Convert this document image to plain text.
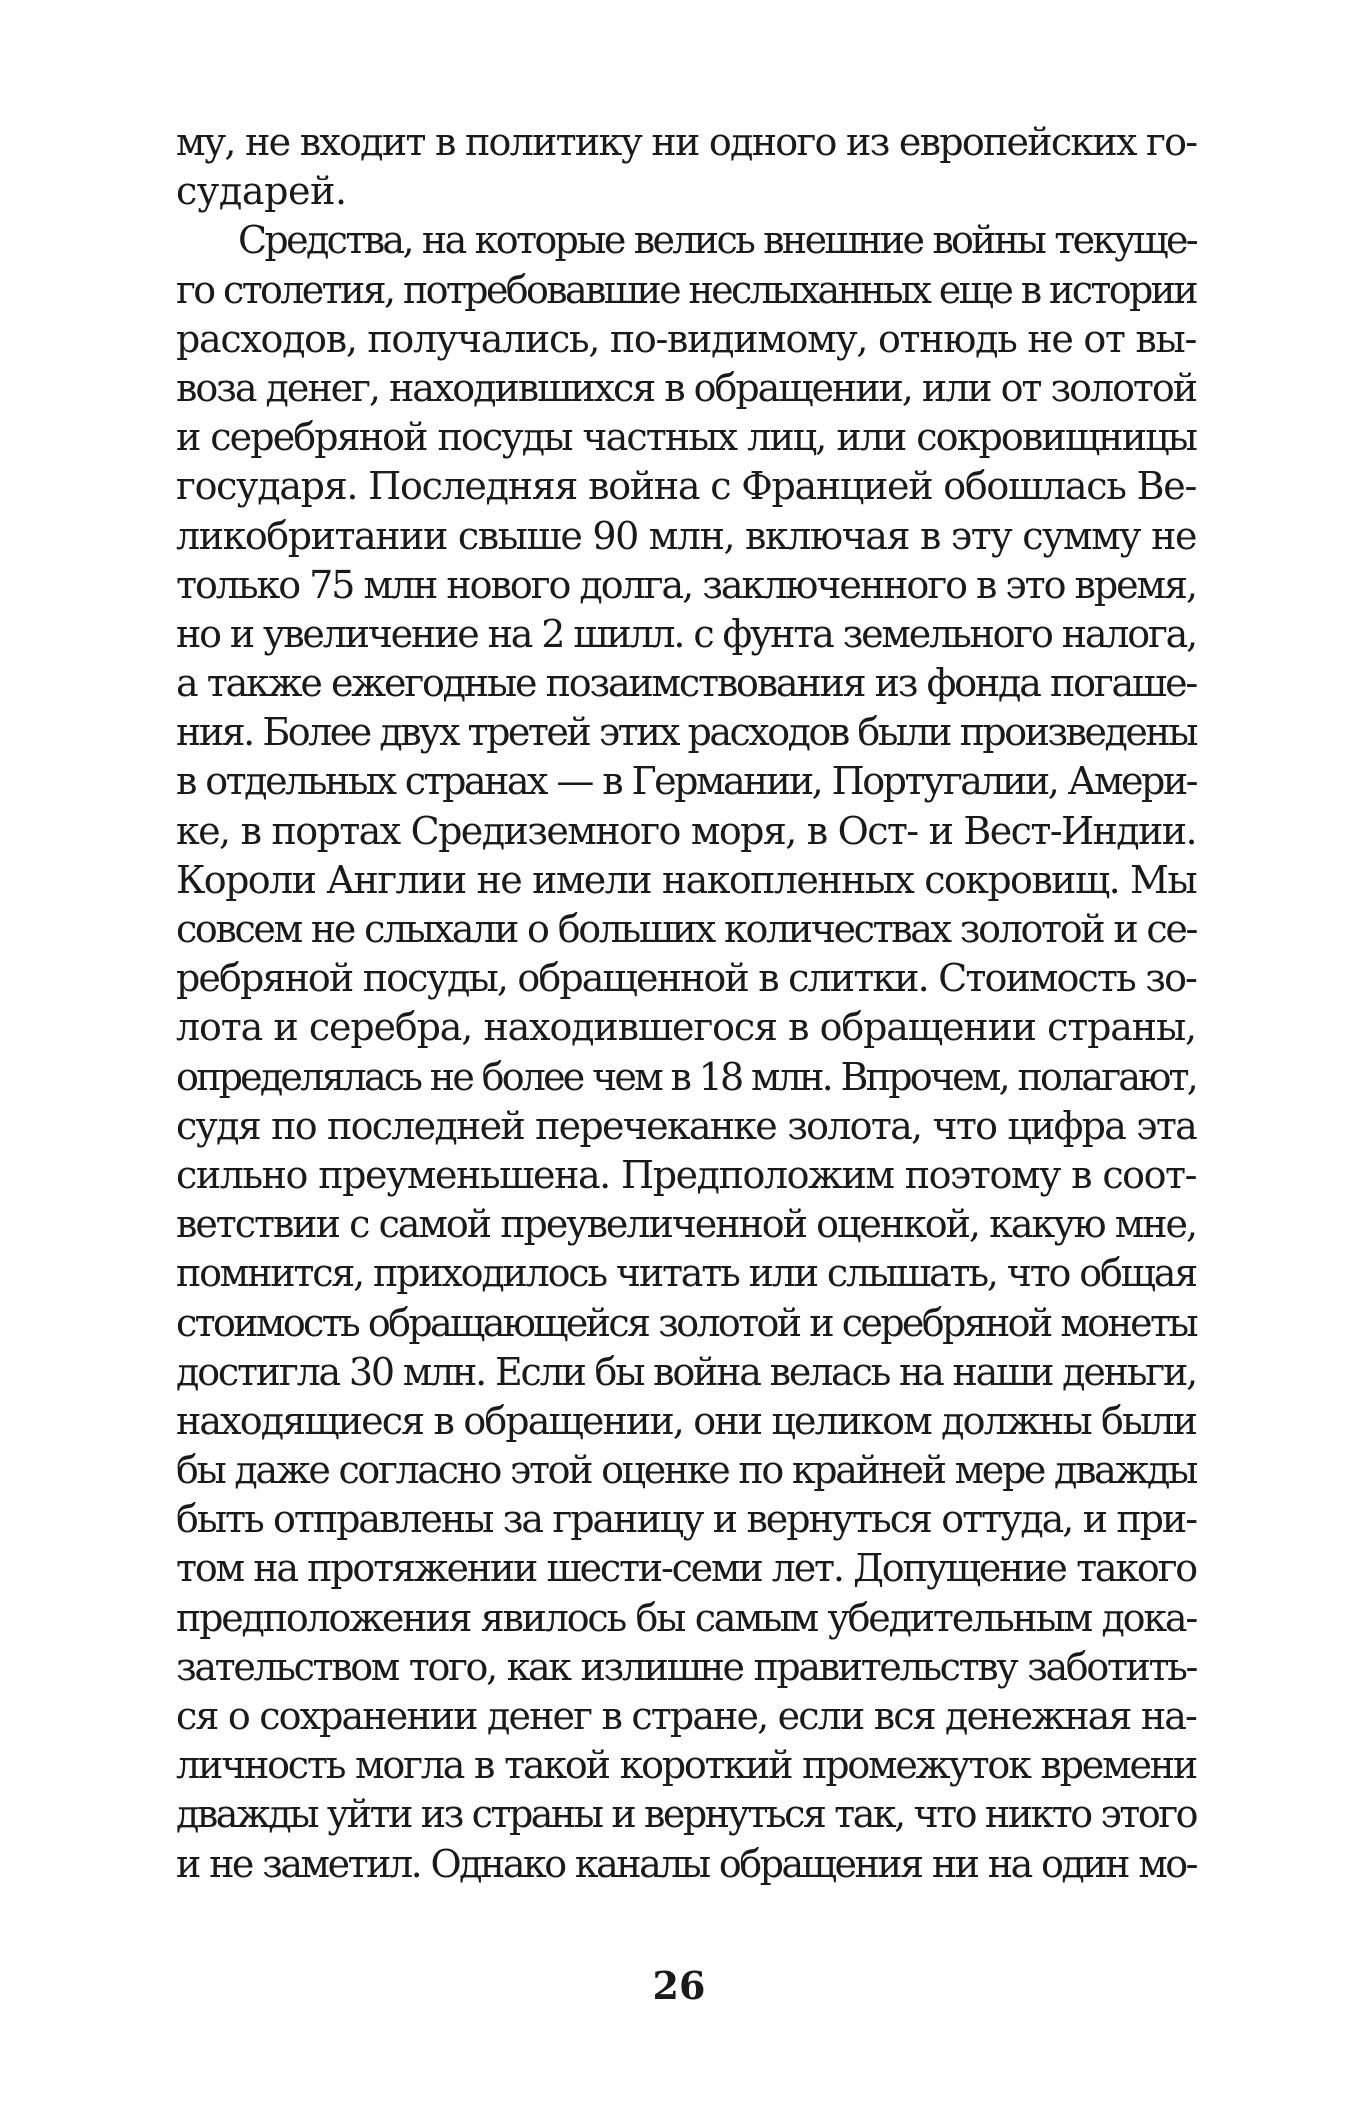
му, не входит в политику ни одного из европейских го-
сударей.
Средства, на которые велись внешние войны текуще-
го столетия, потребовавшие неслыханных еще в истории
расходов, получались, по-видимому, отнюдь не от вы-
воза денег, находившихся в обращении, или от золотой
и серебряной посуды частных лиц, или сокровищницы
государя. Последняя война с Францией обошлась Ве-
ликобритании свыше 90 млн, включая в эту сумму не
только 75 млн нового долга, заключенного в это время,
но и увеличение на 2 шилл. с фунта земельного налога,
а также ежегодные позаимствования из фонда погаше-
ния. Более двух третей этих расходов были произведены
в отдельных странах — в Германии, Португалии, Амери-
ке, в портах Средиземного моря, в Ост- и Вест-Индии.
Короли Англии не имели накопленных сокровищ. Мы
совсем не слыхали о больших количествах золотой и се-
ребряной посуды, обращенной в слитки. Стоимость зо-
лота и серебра, находившегося в обращении страны,
определялась не более чем в 18 млн. Впрочем, полагают,
судя по последней перечеканке золота, что цифра эта
сильно преуменьшена. Предположим поэтому в соот-
ветствии с самой преувеличенной оценкой, какую мне,
помнится, приходилось читать или слышать, что общая
стоимость обращающейся золотой и серебряной монеты
достигла 30 млн. Если бы война велась на наши деньги,
находящиеся в обращении, они целиком должны были
бы даже согласно этой оценке по крайней мере дважды
быть отправлены за границу и вернуться оттуда, и при-
том на протяжении шести-семи лет. Допущение такого
предположения явилось бы самым убедительным дока-
зательством того, как излишне правительству заботить-
ся о сохранении денег в стране, если вся денежная на-
личность могла в такой короткий промежуток времени
дважды уйти из страны и вернуться так, что никто этого
и не заметил. Однако каналы обращения ни на один мо-
26
